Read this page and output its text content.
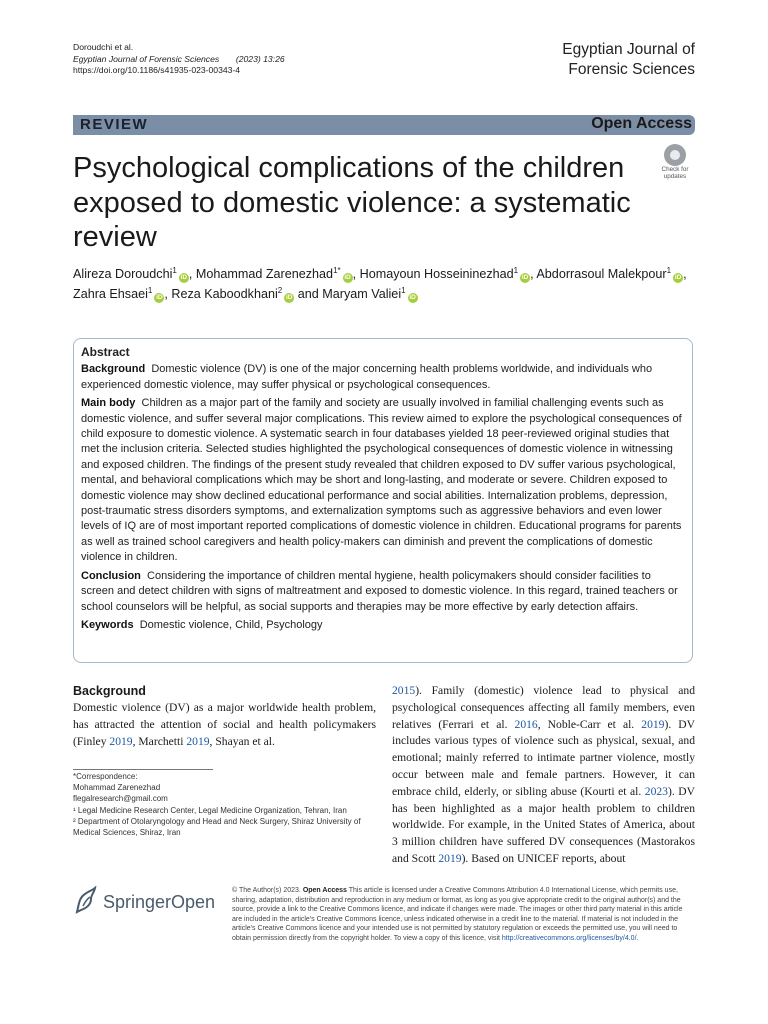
Doroudchi et al.
Egyptian Journal of Forensic Sciences (2023) 13:26
https://doi.org/10.1186/s41935-023-00343-4
Egyptian Journal of
Forensic Sciences
REVIEW	Open Access
Psychological complications of the children exposed to domestic violence: a systematic review
Check for
updates
Alireza Doroudchi$^1$iD , Mohammad Zarenezhad$^{1*}$iD , Homayoun Hosseininezhad$^1$iD , Abdorrasoul Malekpour$^1$iD , Zahra Ehsaei$^1$iD , Reza Kaboodkhani$^2$iD and Maryam Valiei$^1$iD
Abstract

Background Domestic violence (DV) is one of the major concerning health problems worldwide, and individuals who experienced domestic violence, may suffer physical or psychological consequences.

Main body Children as a major part of the family and society are usually involved in familial challenging events such as domestic violence, and suffer several major complications. This review aimed to explore the psychological consequences of child exposure to domestic violence. A systematic search in four databases yielded 18 peer-reviewed original studies that met the inclusion criteria. Selected studies highlighted the psychological consequences of domestic violence in witnessing and exposed children. The findings of the present study revealed that children exposed to DV suffer various psychological, mental, and behavioral complications which may be short and long-lasting, and moderate or severe. Children exposed to domestic violence may show declined educational performance and social abilities. Internalization problems, depression, post-traumatic stress disorders symptoms, and externalization symptoms such as aggressive behaviors and even lower levels of IQ are of most important reported complications of domestic violence in children. Educational programs for parents as well as trained school caregivers and health policy-makers can diminish and prevent the complications of domestic violence in children.

Conclusion Considering the importance of children mental hygiene, health policymakers should consider facilities to screen and detect children with signs of maltreatment and exposed to domestic violence. In this regard, trained teachers or school counselors will be helpful, as social supports and therapies may be more effective by early detection affairs.

Keywords Domestic violence, Child, Psychology

Background
Domestic violence (DV) as a major worldwide health problem, has attracted the attention of social and health policymakers (Finley 2019, Marchetti 2019, Shayan et al.
2015). Family (domestic) violence lead to physical and psychological consequences affecting all family members, even relatives (Ferrari et al. 2016, Noble-Carr et al. 2019). DV includes various types of violence such as physical, sexual, and emotional; mainly referred to intimate partner violence, mostly occur between male and female partners. However, it can embrace child, elderly, or sibling abuse (Kourti et al. 2023). DV has been highlighted as a major health problem to children worldwide. For example, in the United States of America, about 3 million children have suffered DV consequences (Mastorakos and Scott 2019). Based on UNICEF reports, about

*Correspondence:

Mohammad Zarenezhad

flegalresearch@gmail.com

¹ Legal Medicine Research Center, Legal Medicine Organization, Tehran, Iran

² Department of Otolaryngology and Head and Neck Surgery, Shiraz University of Medical Sciences, Shiraz, Iran

SpringerOpen
© The Author(s) 2023. Open Access This article is licensed under a Creative Commons Attribution 4.0 International License, which permits use, sharing, adaptation, distribution and reproduction in any medium or format, as long as you give appropriate credit to the original author(s) and the source, provide a link to the Creative Commons licence, and indicate if changes were made. The images or other third party material in this article are included in the article's Creative Commons licence, unless indicated otherwise in a credit line to the material. If material is not included in the article's Creative Commons licence and your intended use is not permitted by statutory regulation or exceeds the permitted use, you will need to obtain permission directly from the copyright holder. To view a copy of this licence, visit http://creativecommons.org/licenses/by/4.0/.
